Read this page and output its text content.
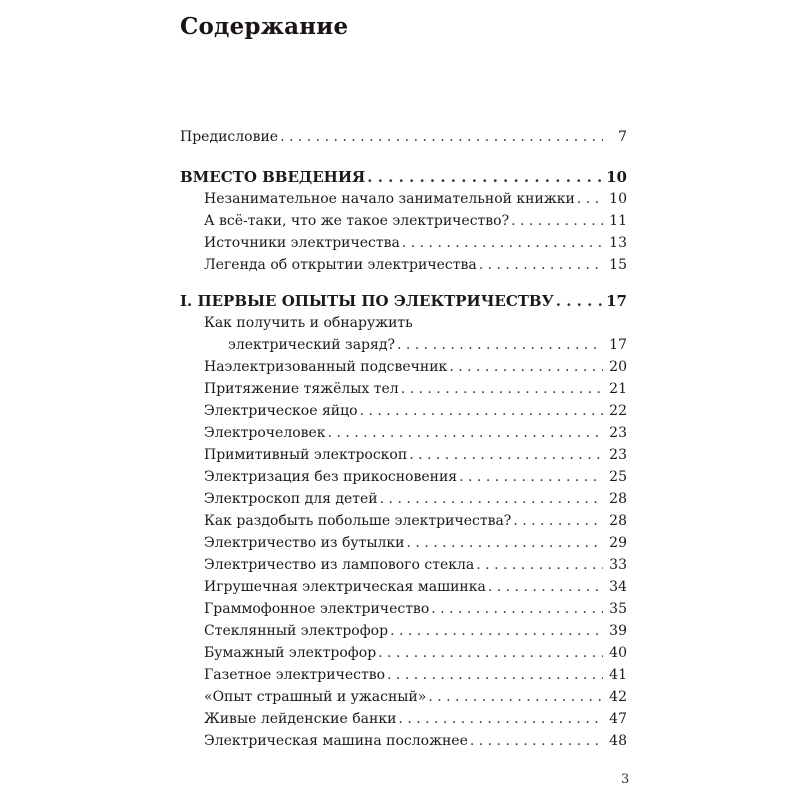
Содержание
Предисловие . . .	7
ВМЕСТО ВВЕДЕНИЯ . . .	10
Незанимательное начало занимательной книжки . . . 10
А всё-таки, что же такое электричество? . . .	11
Источники электричества . . .	13
Легенда об открытии электричества . . .	15
I. ПЕРВЫЕ ОПЫТЫ ПО ЭЛЕКТРИЧЕСТВУ . . .	17
Как получить и обнаружить
электрический заряд? . . .	17
Наэлектризованный подсвечник . . .	20
Притяжение тяжёлых тел . . .	21
Электрическое яйцо . . .	22
Электрочеловек . . .	23
Примитивный электроскоп . . .	23
Электризация без прикосновения . . .	25
Электроскоп для детей . . .	28
Как раздобыть побольше электричества? . . .	28
Электричество из бутылки . . .	29
Электричество из лампового стекла . . .	33
Игрушечная электрическая машинка . . .	34
Граммофонное электричество . . .	35
Стеклянный электрофор . . .	39
Бумажный электрофор . . .	40
Газетное электричество . . .	41
«Опыт страшный и ужасный» . . .	42
Живые лейденские банки . . .	47
Электрическая машина посложнее . . .	48
3
